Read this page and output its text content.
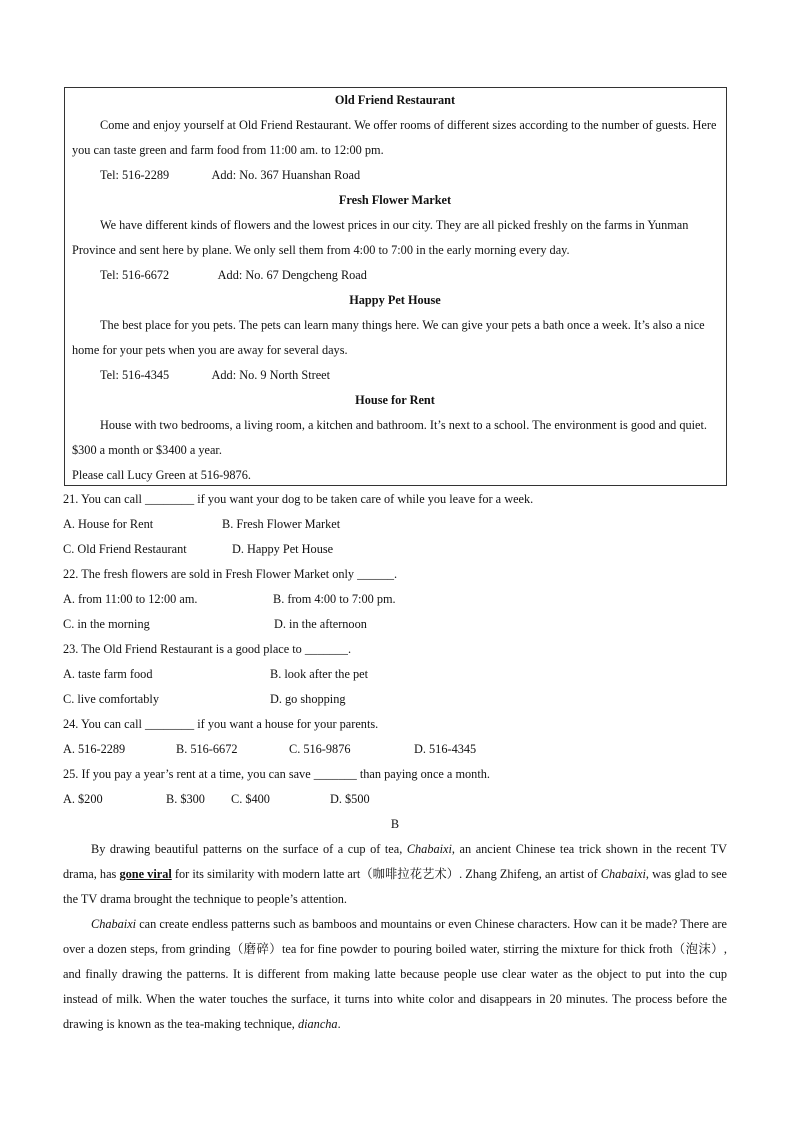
Old Friend Restaurant

Come and enjoy yourself at Old Friend Restaurant. We offer rooms of different sizes according to the number of guests. Here you can taste green and farm food from 11:00 am. to 12:00 pm.

Tel: 516-2289	Add: No. 367 Huanshan Road

Fresh Flower Market

We have different kinds of flowers and the lowest prices in our city. They are all picked freshly on the farms in Yunman Province and sent here by plane. We only sell them from 4:00 to 7:00 in the early morning every day.

Tel: 516-6672	Add: No. 67 Dengcheng Road

Happy Pet House

The best place for you pets. The pets can learn many things here. We can give your pets a bath once a week. It’s also a nice home for your pets when you are away for several days.

Tel: 516-4345	Add: No. 9 North Street

House for Rent

House with two bedrooms, a living room, a kitchen and bathroom. It’s next to a school. The environment is good and quiet. $300 a month or $3400 a year.

Please call Lucy Green at 516-9876.

21. You can call ________ if you want your dog to be taken care of while you leave for a week.

A. House for Rent	B. Fresh Flower Market

C. Old Friend Restaurant	D. Happy Pet House

22. The fresh flowers are sold in Fresh Flower Market only ______.

A. from 11:00 to 12:00 am.	B. from 4:00 to 7:00 pm.

C. in the morning	D. in the afternoon

23. The Old Friend Restaurant is a good place to _______.

A. taste farm food	B. look after the pet

C. live comfortably	D. go shopping

24. You can call ________ if you want a house for your parents.

A. 516-2289	B. 516-6672	C. 516-9876	D. 516-4345

25. If you pay a year’s rent at a time, you can save _______ than paying once a month.

A. $200	B. $300 C. $400	D. $500

B

By drawing beautiful patterns on the surface of a cup of tea, Chabaixi, an ancient Chinese tea trick shown in the recent TV drama, has gone viral for its similarity with modern latte art（咖啡拉花艺术）. Zhang Zhifeng, an artist of Chabaixi, was glad to see the TV drama brought the technique to people’s attention.

Chabaixi can create endless patterns such as bamboos and mountains or even Chinese characters. How can it be made? There are over a dozen steps, from grinding（磨碎）tea for fine powder to pouring boiled water, stirring the mixture for thick froth（泡沫）, and finally drawing the patterns. It is different from making latte because people use clear water as the object to put into the cup instead of milk. When the water touches the surface, it turns into white color and disappears in 20 minutes. The process before the drawing is known as the tea-making technique, diancha.
